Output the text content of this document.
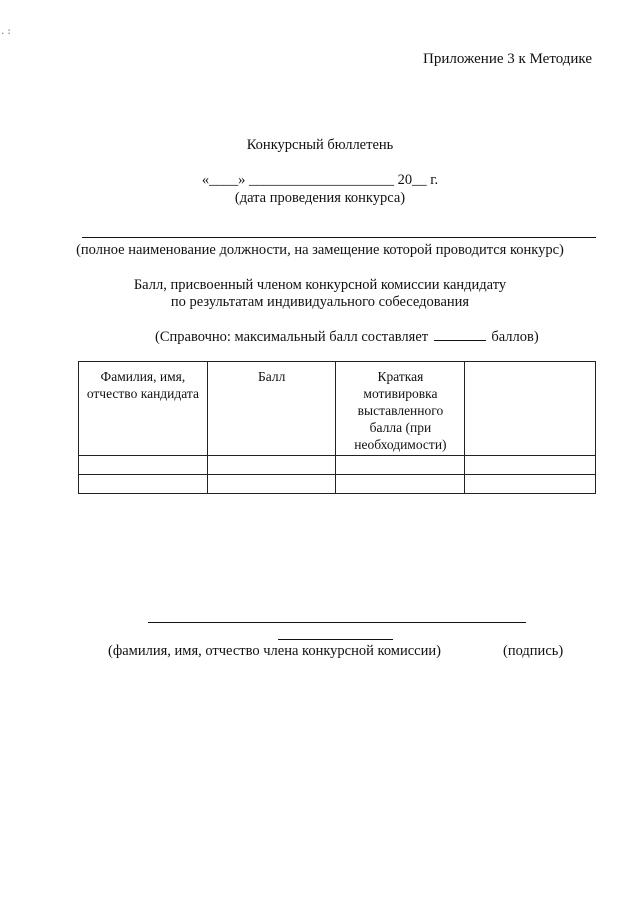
.:
Приложение 3 к Методике
Конкурсный бюллетень
«____» ____________________ 20__ г.
(дата проведения конкурса)
(полное наименование должности, на замещение которой проводится конкурс)
Балл, присвоенный членом конкурсной комиссии кандидату
по результатам индивидуального собеседования
(Справочно: максимальный балл составляет	баллов)
Фамилия, имя, отчество кандидата	Балл	Краткая мотивировка выставленного балла (при необходимости)	

(фамилия, имя, отчество члена конкурсной комиссии)	(подпись)
